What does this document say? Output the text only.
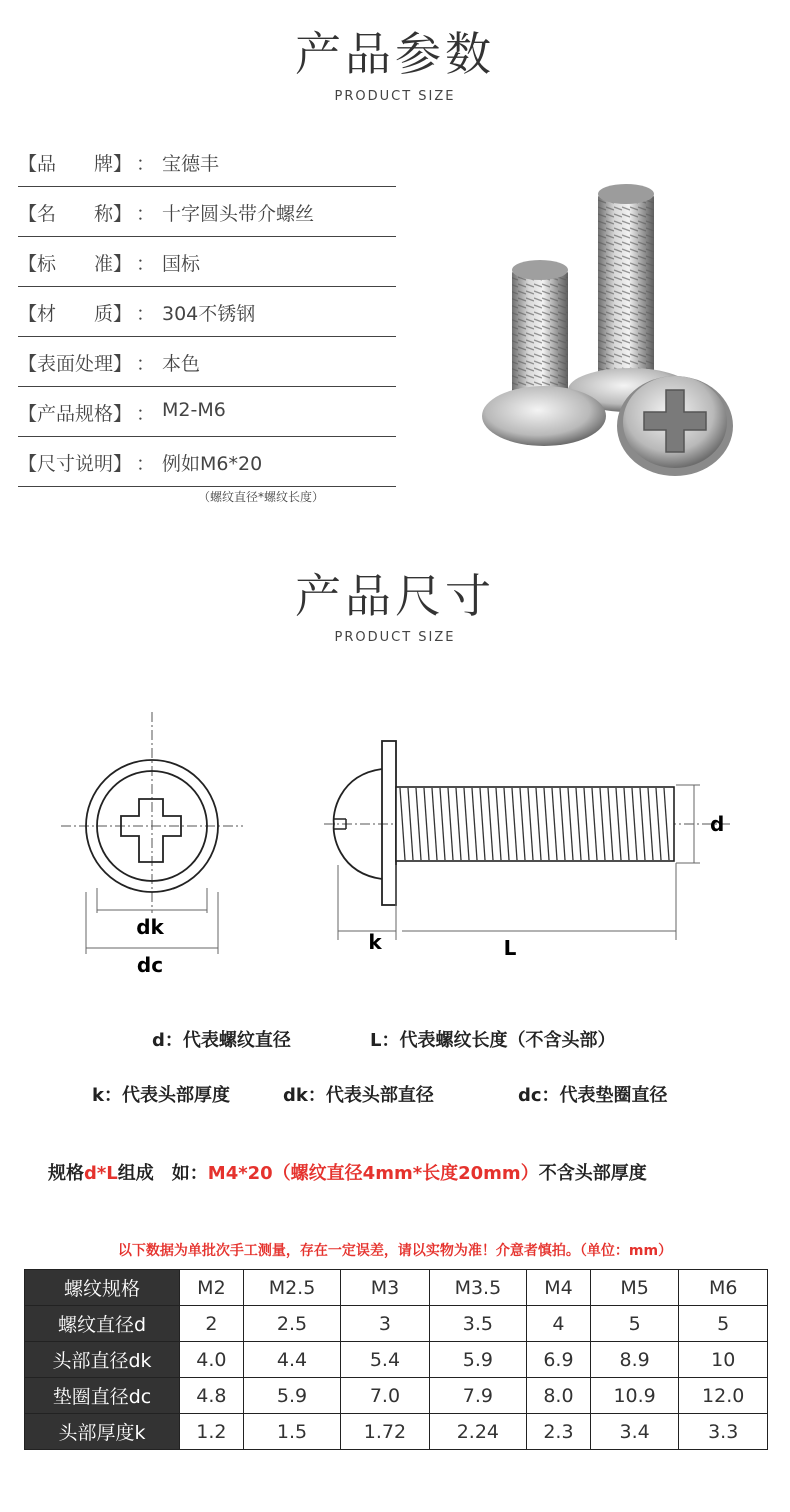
产品参数
PRODUCT SIZE
【品　　牌】 ： 宝德丰
【名　　称】 ： 十字圆头带介螺丝
【标　　准】 ： 国标
【材　　质】 ： 304不锈钢
【表面处理】 ： 本色
【产品规格】 ： M2-M6
【尺寸说明】 ： 例如M6*20
（螺纹直径*螺纹长度）
产品尺寸
PRODUCT SIZE
dk
dc
d
k	L
d：代表螺纹直径	L：代表螺纹长度（不含头部）
k：代表头部厚度	dk：代表头部直径	dc：代表垫圈直径
规格d*L组成　如：M4*20（螺纹直径4mm*长度20mm）不含头部厚度
以下数据为单批次手工测量，存在一定误差，请以实物为准！介意者慎拍。（单位：mm）
螺纹规格	M2	M2.5	M3	M3.5	M4	M5	M6
螺纹直径d	2	2.5	3	3.5	4	5	5
头部直径dk	4.0	4.4	5.4	5.9	6.9	8.9	10
垫圈直径dc	4.8	5.9	7.0	7.9	8.0	10.9	12.0
头部厚度k	1.2	1.5	1.72	2.24	2.3	3.4	3.3
